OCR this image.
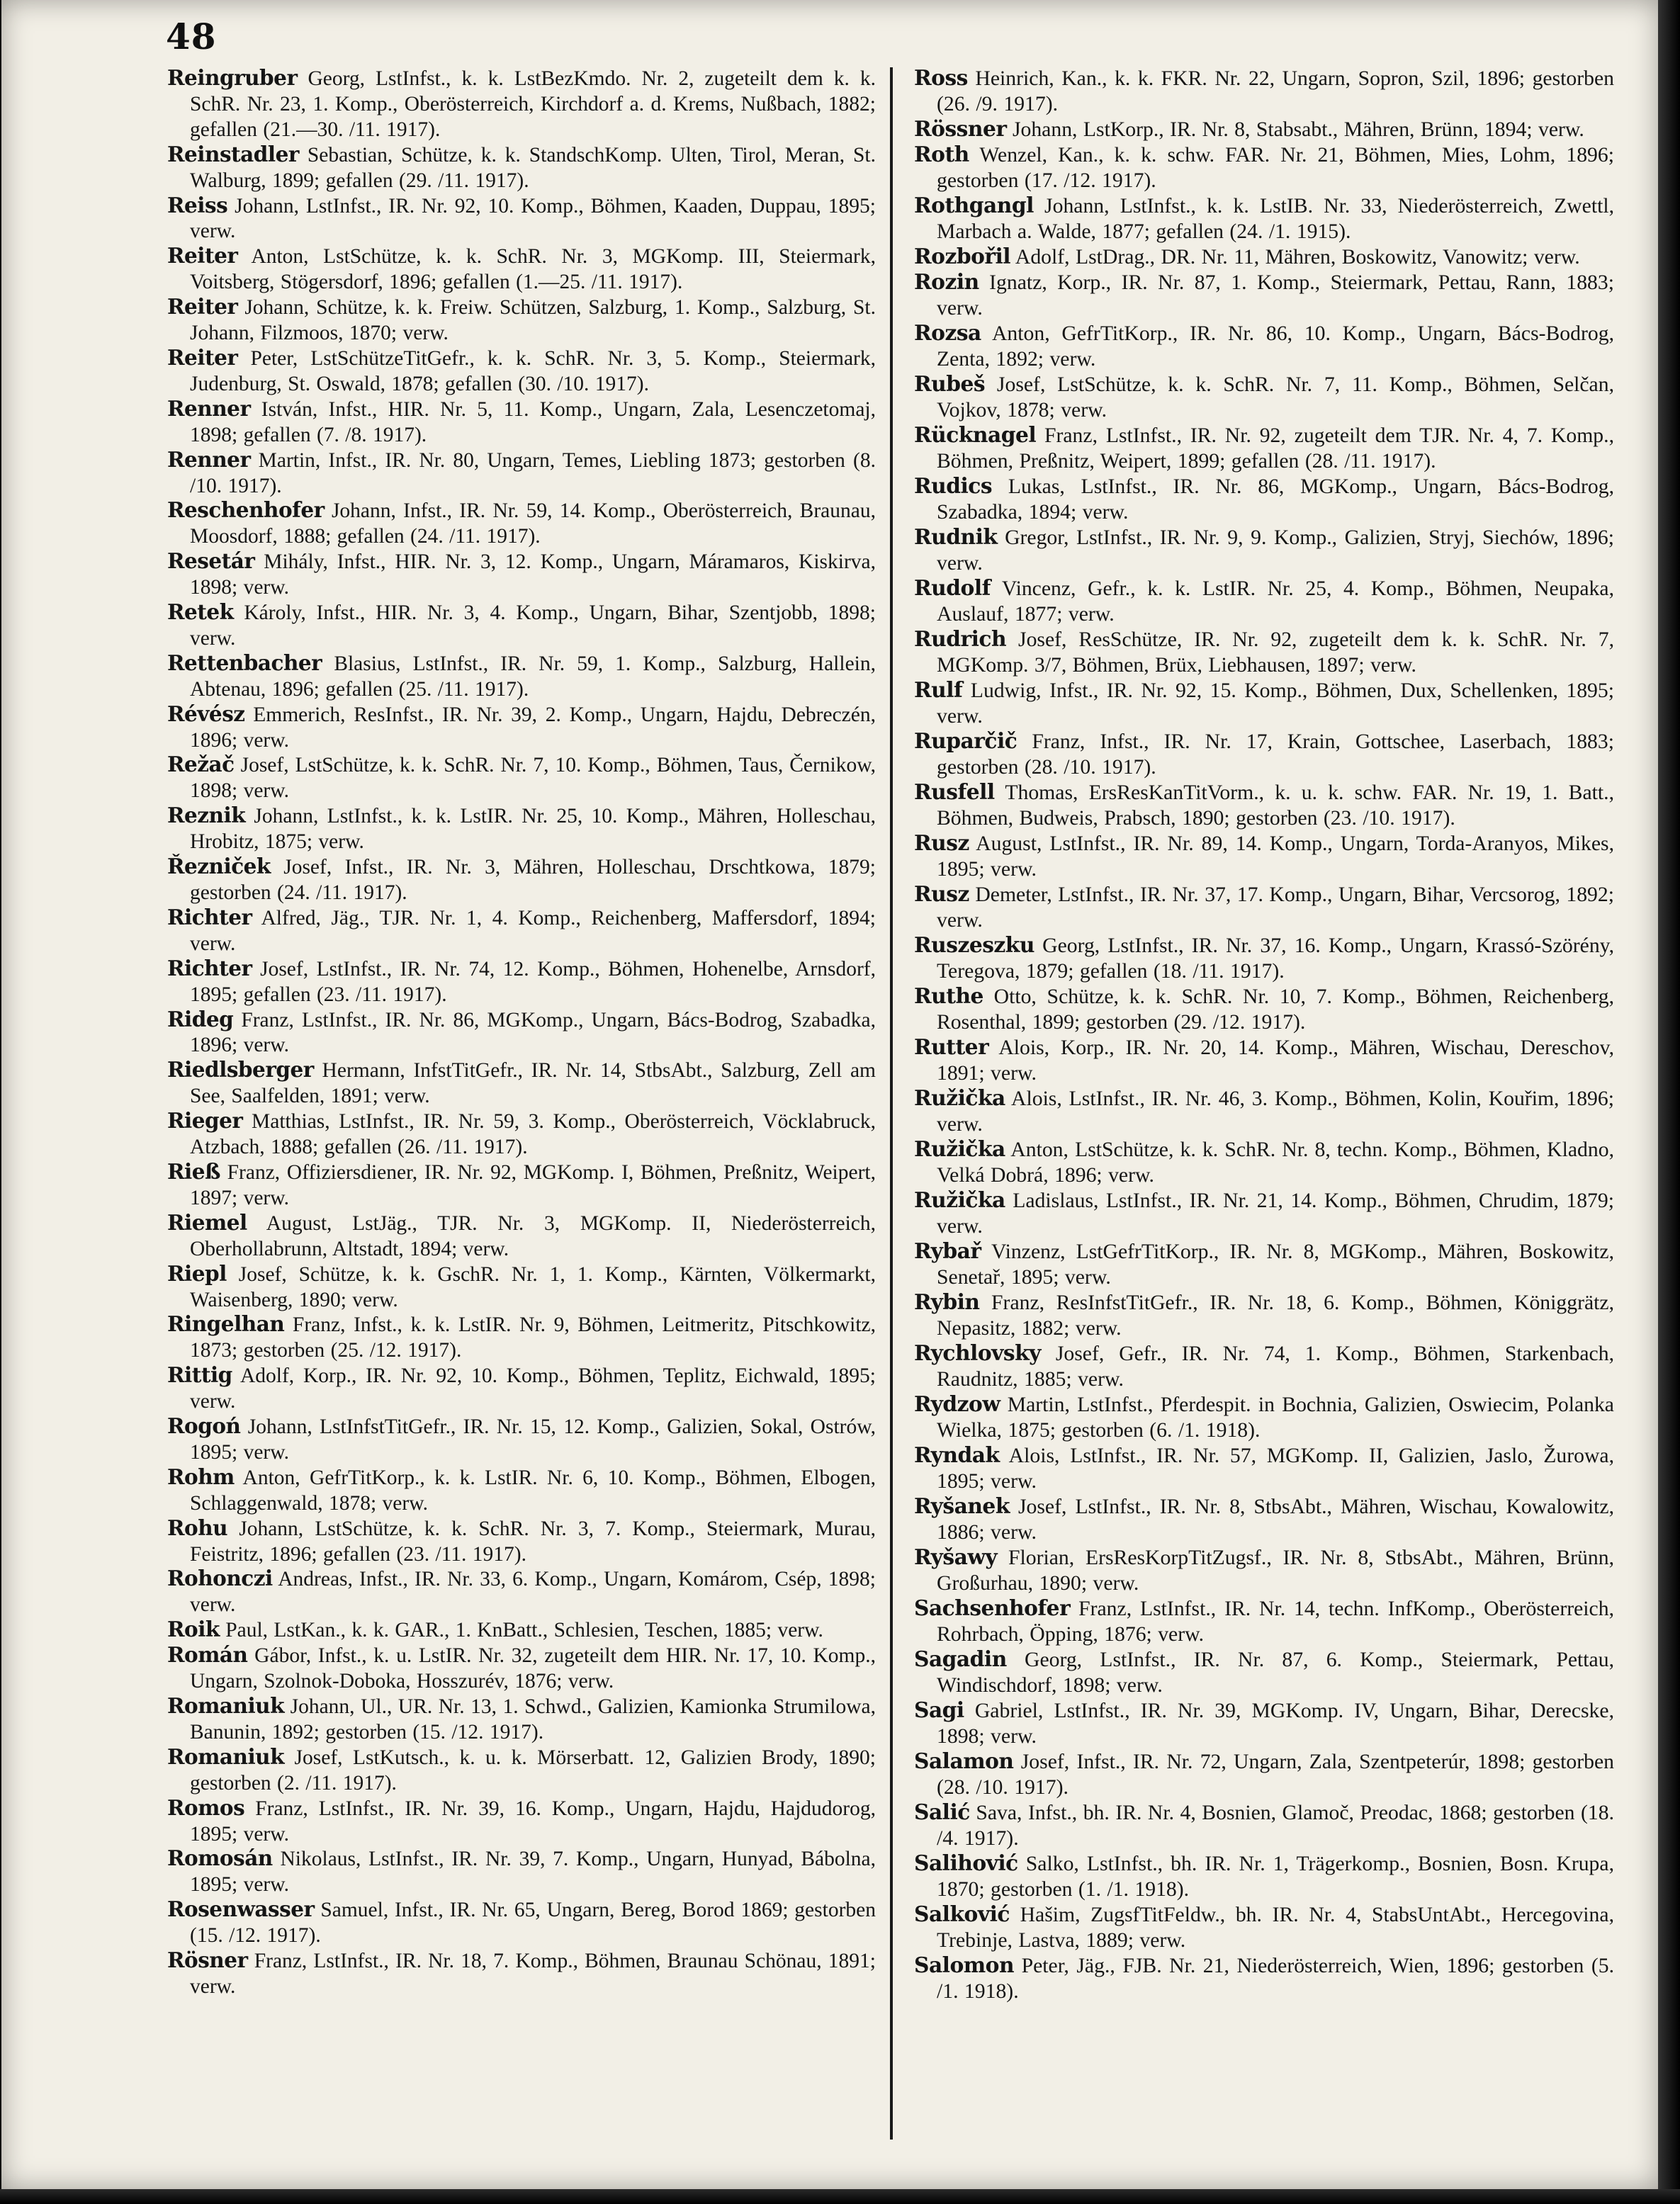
48

Reingruber Georg, LstInfst., k. k. LstBezKmdo. Nr. 2, zugeteilt dem k. k. SchR. Nr. 23, 1. Komp., Oberösterreich, Kirchdorf a. d. Krems, Nußbach, 1882; gefallen (21.—30. /11. 1917).

Reinstadler Sebastian, Schütze, k. k. StandschKomp. Ulten, Tirol, Meran, St. Walburg, 1899; gefallen (29. /11. 1917).

Reiss Johann, LstInfst., IR. Nr. 92, 10. Komp., Böhmen, Kaaden, Duppau, 1895; verw.

Reiter Anton, LstSchütze, k. k. SchR. Nr. 3, MGKomp. III, Steiermark, Voitsberg, Stögersdorf, 1896; gefallen (1.—25. /11. 1917).

Reiter Johann, Schütze, k. k. Freiw. Schützen, Salzburg, 1. Komp., Salzburg, St. Johann, Filzmoos, 1870; verw.

Reiter Peter, LstSchützeTitGefr., k. k. SchR. Nr. 3, 5. Komp., Steiermark, Judenburg, St. Oswald, 1878; gefallen (30. /10. 1917).

Renner István, Infst., HIR. Nr. 5, 11. Komp., Ungarn, Zala, Lesenczetomaj, 1898; gefallen (7. /8. 1917).

Renner Martin, Infst., IR. Nr. 80, Ungarn, Temes, Liebling 1873; gestorben (8. /10. 1917).

Reschenhofer Johann, Infst., IR. Nr. 59, 14. Komp., Oberösterreich, Braunau, Moosdorf, 1888; gefallen (24. /11. 1917).

Resetár Mihály, Infst., HIR. Nr. 3, 12. Komp., Ungarn, Máramaros, Kiskirva, 1898; verw.

Retek Károly, Infst., HIR. Nr. 3, 4. Komp., Ungarn, Bihar, Szentjobb, 1898; verw.

Rettenbacher Blasius, LstInfst., IR. Nr. 59, 1. Komp., Salzburg, Hallein, Abtenau, 1896; gefallen (25. /11. 1917).

Révész Emmerich, ResInfst., IR. Nr. 39, 2. Komp., Ungarn, Hajdu, Debreczén, 1896; verw.

Režač Josef, LstSchütze, k. k. SchR. Nr. 7, 10. Komp., Böhmen, Taus, Černikow, 1898; verw.

Reznik Johann, LstInfst., k. k. LstIR. Nr. 25, 10. Komp., Mähren, Holleschau, Hrobitz, 1875; verw.

Řezniček Josef, Infst., IR. Nr. 3, Mähren, Holleschau, Drschtkowa, 1879; gestorben (24. /11. 1917).

Richter Alfred, Jäg., TJR. Nr. 1, 4. Komp., Reichenberg, Maffersdorf, 1894; verw.

Richter Josef, LstInfst., IR. Nr. 74, 12. Komp., Böhmen, Hohenelbe, Arnsdorf, 1895; gefallen (23. /11. 1917).

Rideg Franz, LstInfst., IR. Nr. 86, MGKomp., Ungarn, Bács-Bodrog, Szabadka, 1896; verw.

Riedlsberger Hermann, InfstTitGefr., IR. Nr. 14, StbsAbt., Salzburg, Zell am See, Saalfelden, 1891; verw.

Rieger Matthias, LstInfst., IR. Nr. 59, 3. Komp., Oberösterreich, Vöcklabruck, Atzbach, 1888; gefallen (26. /11. 1917).

Rieß Franz, Offiziersdiener, IR. Nr. 92, MGKomp. I, Böhmen, Preßnitz, Weipert, 1897; verw.

Riemel August, LstJäg., TJR. Nr. 3, MGKomp. II, Niederösterreich, Oberhollabrunn, Altstadt, 1894; verw.

Riepl Josef, Schütze, k. k. GschR. Nr. 1, 1. Komp., Kärnten, Völkermarkt, Waisenberg, 1890; verw.

Ringelhan Franz, Infst., k. k. LstIR. Nr. 9, Böhmen, Leitmeritz, Pitschkowitz, 1873; gestorben (25. /12. 1917).

Rittig Adolf, Korp., IR. Nr. 92, 10. Komp., Böhmen, Teplitz, Eichwald, 1895; verw.

Rogoń Johann, LstInfstTitGefr., IR. Nr. 15, 12. Komp., Galizien, Sokal, Ostrów, 1895; verw.

Rohm Anton, GefrTitKorp., k. k. LstIR. Nr. 6, 10. Komp., Böhmen, Elbogen, Schlaggenwald, 1878; verw.

Rohu Johann, LstSchütze, k. k. SchR. Nr. 3, 7. Komp., Steiermark, Murau, Feistritz, 1896; gefallen (23. /11. 1917).

Rohonczi Andreas, Infst., IR. Nr. 33, 6. Komp., Ungarn, Komárom, Csép, 1898; verw.

Roik Paul, LstKan., k. k. GAR., 1. KnBatt., Schlesien, Teschen, 1885; verw.

Román Gábor, Infst., k. u. LstIR. Nr. 32, zugeteilt dem HIR. Nr. 17, 10. Komp., Ungarn, Szolnok-Doboka, Hosszurév, 1876; verw.

Romaniuk Johann, Ul., UR. Nr. 13, 1. Schwd., Galizien, Kamionka Strumilowa, Banunin, 1892; gestorben (15. /12. 1917).

Romaniuk Josef, LstKutsch., k. u. k. Mörserbatt. 12, Galizien Brody, 1890; gestorben (2. /11. 1917).

Romos Franz, LstInfst., IR. Nr. 39, 16. Komp., Ungarn, Hajdu, Hajdudorog, 1895; verw.

Romosán Nikolaus, LstInfst., IR. Nr. 39, 7. Komp., Ungarn, Hunyad, Bábolna, 1895; verw.

Rosenwasser Samuel, Infst., IR. Nr. 65, Ungarn, Bereg, Borod 1869; gestorben (15. /12. 1917).

Rösner Franz, LstInfst., IR. Nr. 18, 7. Komp., Böhmen, Braunau Schönau, 1891; verw.

Ross Heinrich, Kan., k. k. FKR. Nr. 22, Ungarn, Sopron, Szil, 1896; gestorben (26. /9. 1917).

Rössner Johann, LstKorp., IR. Nr. 8, Stabsabt., Mähren, Brünn, 1894; verw.

Roth Wenzel, Kan., k. k. schw. FAR. Nr. 21, Böhmen, Mies, Lohm, 1896; gestorben (17. /12. 1917).

Rothgangl Johann, LstInfst., k. k. LstIB. Nr. 33, Niederösterreich, Zwettl, Marbach a. Walde, 1877; gefallen (24. /1. 1915).

Rozbořil Adolf, LstDrag., DR. Nr. 11, Mähren, Boskowitz, Vanowitz; verw.

Rozin Ignatz, Korp., IR. Nr. 87, 1. Komp., Steiermark, Pettau, Rann, 1883; verw.

Rozsa Anton, GefrTitKorp., IR. Nr. 86, 10. Komp., Ungarn, Bács-Bodrog, Zenta, 1892; verw.

Rubeš Josef, LstSchütze, k. k. SchR. Nr. 7, 11. Komp., Böhmen, Selčan, Vojkov, 1878; verw.

Rücknagel Franz, LstInfst., IR. Nr. 92, zugeteilt dem TJR. Nr. 4, 7. Komp., Böhmen, Preßnitz, Weipert, 1899; gefallen (28. /11. 1917).

Rudics Lukas, LstInfst., IR. Nr. 86, MGKomp., Ungarn, Bács-Bodrog, Szabadka, 1894; verw.

Rudnik Gregor, LstInfst., IR. Nr. 9, 9. Komp., Galizien, Stryj, Siechów, 1896; verw.

Rudolf Vincenz, Gefr., k. k. LstIR. Nr. 25, 4. Komp., Böhmen, Neupaka, Auslauf, 1877; verw.

Rudrich Josef, ResSchütze, IR. Nr. 92, zugeteilt dem k. k. SchR. Nr. 7, MGKomp. 3/7, Böhmen, Brüx, Liebhausen, 1897; verw.

Rulf Ludwig, Infst., IR. Nr. 92, 15. Komp., Böhmen, Dux, Schellenken, 1895; verw.

Ruparčič Franz, Infst., IR. Nr. 17, Krain, Gottschee, Laserbach, 1883; gestorben (28. /10. 1917).

Rusfell Thomas, ErsResKanTitVorm., k. u. k. schw. FAR. Nr. 19, 1. Batt., Böhmen, Budweis, Prabsch, 1890; gestorben (23. /10. 1917).

Rusz August, LstInfst., IR. Nr. 89, 14. Komp., Ungarn, Torda-Aranyos, Mikes, 1895; verw.

Rusz Demeter, LstInfst., IR. Nr. 37, 17. Komp., Ungarn, Bihar, Vercsorog, 1892; verw.

Ruszeszku Georg, LstInfst., IR. Nr. 37, 16. Komp., Ungarn, Krassó-Szörény, Teregova, 1879; gefallen (18. /11. 1917).

Ruthe Otto, Schütze, k. k. SchR. Nr. 10, 7. Komp., Böhmen, Reichenberg, Rosenthal, 1899; gestorben (29. /12. 1917).

Rutter Alois, Korp., IR. Nr. 20, 14. Komp., Mähren, Wischau, Dereschov, 1891; verw.

Ružička Alois, LstInfst., IR. Nr. 46, 3. Komp., Böhmen, Kolin, Kouřim, 1896; verw.

Ružička Anton, LstSchütze, k. k. SchR. Nr. 8, techn. Komp., Böhmen, Kladno, Velká Dobrá, 1896; verw.

Ružička Ladislaus, LstInfst., IR. Nr. 21, 14. Komp., Böhmen, Chrudim, 1879; verw.

Rybař Vinzenz, LstGefrTitKorp., IR. Nr. 8, MGKomp., Mähren, Boskowitz, Senetař, 1895; verw.

Rybin Franz, ResInfstTitGefr., IR. Nr. 18, 6. Komp., Böhmen, Königgrätz, Nepasitz, 1882; verw.

Rychlovsky Josef, Gefr., IR. Nr. 74, 1. Komp., Böhmen, Starkenbach, Raudnitz, 1885; verw.

Rydzow Martin, LstInfst., Pferdespit. in Bochnia, Galizien, Oswiecim, Polanka Wielka, 1875; gestorben (6. /1. 1918).

Ryndak Alois, LstInfst., IR. Nr. 57, MGKomp. II, Galizien, Jaslo, Žurowa, 1895; verw.

Ryšanek Josef, LstInfst., IR. Nr. 8, StbsAbt., Mähren, Wischau, Kowalowitz, 1886; verw.

Ryšawy Florian, ErsResKorpTitZugsf., IR. Nr. 8, StbsAbt., Mähren, Brünn, Großurhau, 1890; verw.

Sachsenhofer Franz, LstInfst., IR. Nr. 14, techn. InfKomp., Oberösterreich, Rohrbach, Öpping, 1876; verw.

Sagadin Georg, LstInfst., IR. Nr. 87, 6. Komp., Steiermark, Pettau, Windischdorf, 1898; verw.

Sagi Gabriel, LstInfst., IR. Nr. 39, MGKomp. IV, Ungarn, Bihar, Derecske, 1898; verw.

Salamon Josef, Infst., IR. Nr. 72, Ungarn, Zala, Szentpeterúr, 1898; gestorben (28. /10. 1917).

Salić Sava, Infst., bh. IR. Nr. 4, Bosnien, Glamoč, Preodac, 1868; gestorben (18. /4. 1917).

Salihović Salko, LstInfst., bh. IR. Nr. 1, Trägerkomp., Bosnien, Bosn. Krupa, 1870; gestorben (1. /1. 1918).

Salković Hašim, ZugsfTitFeldw., bh. IR. Nr. 4, StabsUntAbt., Hercegovina, Trebinje, Lastva, 1889; verw.

Salomon Peter, Jäg., FJB. Nr. 21, Niederösterreich, Wien, 1896; gestorben (5. /1. 1918).
